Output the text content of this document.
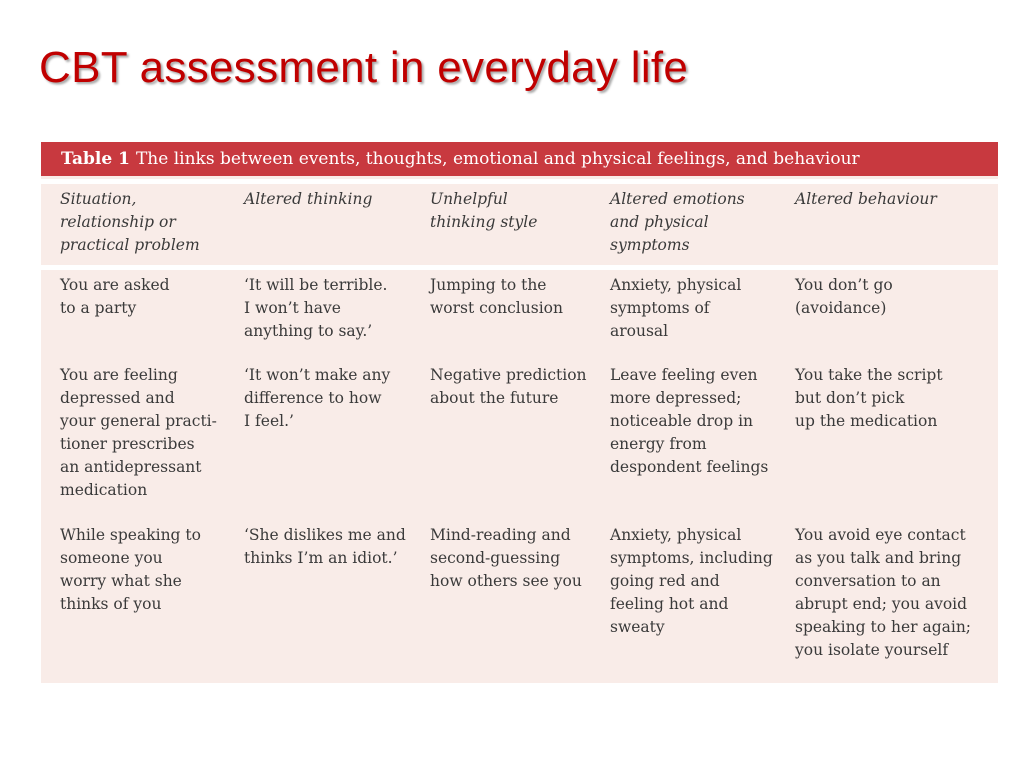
CBT assessment in everyday life
Table 1 The links between events, thoughts, emotional and physical feelings, and behaviour
Situation,
relationship or
practical problem
Altered thinking	Unhelpful
thinking style
Altered emotions
and physical
symptoms
Altered behaviour
You are asked
to a party
‘It will be terrible.
I won’t have
anything to say.’
Jumping to the
worst conclusion
Anxiety, physical
symptoms of
arousal
You don’t go
(avoidance)
You are feeling
depressed and
your general practi-
tioner prescribes
an antidepressant
medication
‘It won’t make any
difference to how
I feel.’
Negative prediction
about the future
Leave feeling even
more depressed;
noticeable drop in
energy from
despondent feelings
You take the script
but don’t pick
up the medication
While speaking to
someone you
worry what she
thinks of you
‘She dislikes me and
thinks I’m an idiot.’
Mind-reading and
second-guessing
how others see you
Anxiety, physical
symptoms, including
going red and
feeling hot and
sweaty
You avoid eye contact
as you talk and bring
conversation to an
abrupt end; you avoid
speaking to her again;
you isolate yourself
